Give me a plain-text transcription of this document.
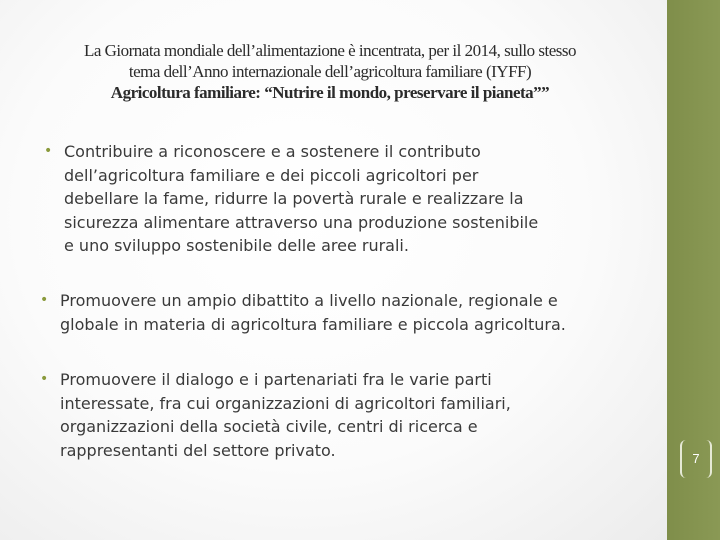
La Giornata mondiale dell’alimentazione è incentrata, per il 2014, sullo stesso
tema dell’Anno internazionale dell’agricoltura familiare (IYFF)
Agricoltura familiare: “Nutrire il mondo, preservare il pianeta””
• Contribuire a riconoscere e a sostenere il contributo
dell’agricoltura familiare e dei piccoli agricoltori per
debellare la fame, ridurre la povertà rurale e realizzare la
sicurezza alimentare attraverso una produzione sostenibile
e uno sviluppo sostenibile delle aree rurali.
• Promuovere un ampio dibattito a livello nazionale, regionale e
globale in materia di agricoltura familiare e piccola agricoltura.
• Promuovere il dialogo e i partenariati fra le varie parti
interessate, fra cui organizzazioni di agricoltori familiari,
organizzazioni della società civile, centri di ricerca e
rappresentanti del settore privato.	7
